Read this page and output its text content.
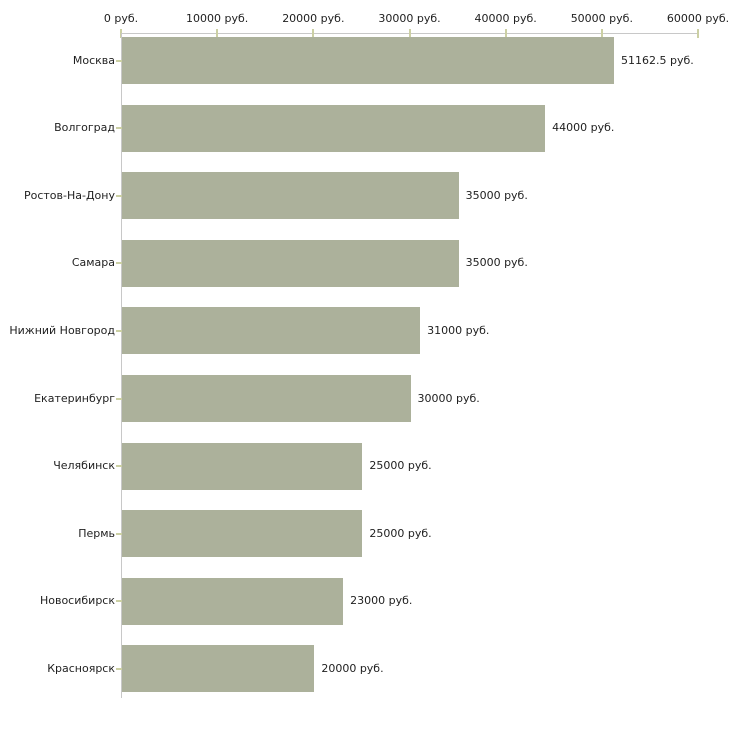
0 руб.	10000 руб.	20000 руб.	30000 руб.	40000 руб.	50000 руб.	60000 руб.
Москва
Волгоград
Ростов-На-Дону
Самара
Нижний Новгород
Екатеринбург
Челябинск
Пермь
Новосибирск
Красноярск
51162.5 руб.
44000 руб.
35000 руб.
35000 руб.
31000 руб.
30000 руб.
25000 руб.
25000 руб.
23000 руб.
20000 руб.
